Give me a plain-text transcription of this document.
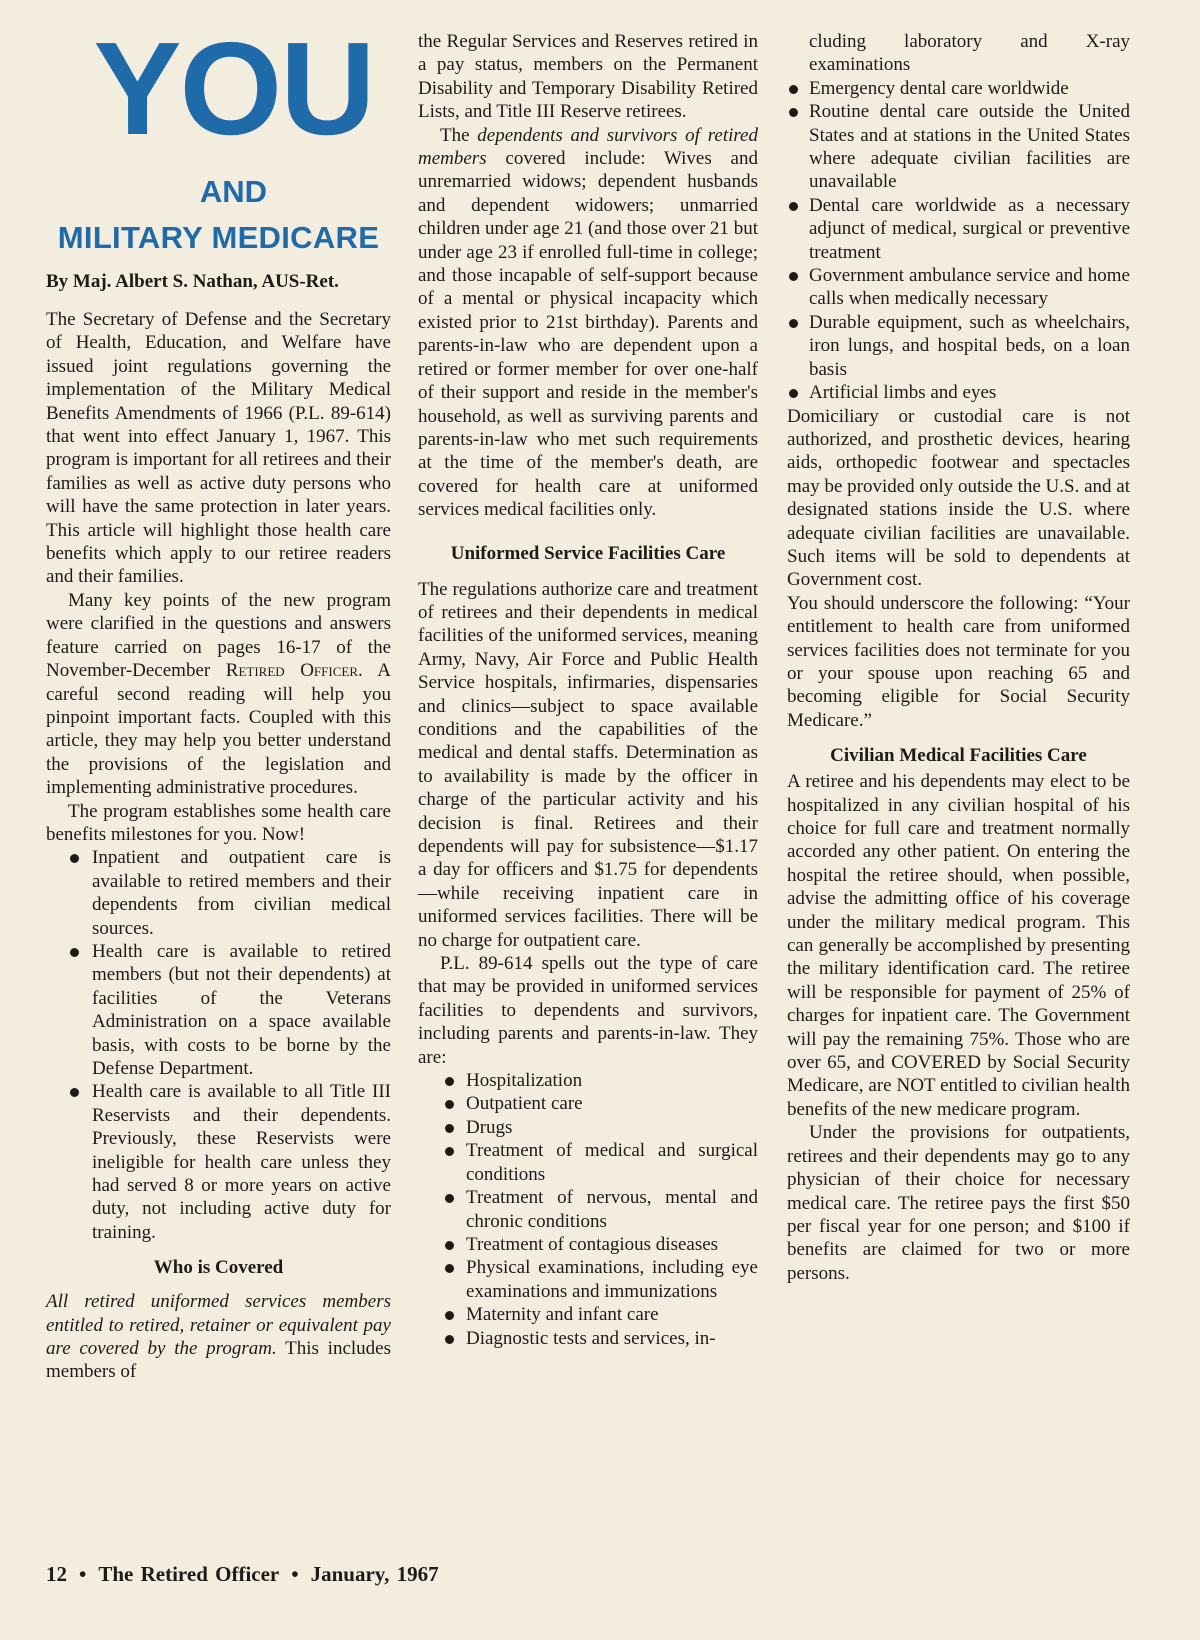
YOU
AND
MILITARY MEDICARE
By Maj. Albert S. Nathan, AUS-Ret.

The Secretary of Defense and the Secretary of Health, Education, and Welfare have issued joint regulations governing the implementation of the Military Medical Benefits Amendments of 1966 (P.L. 89-614) that went into effect January 1, 1967. This program is important for all retirees and their families as well as active duty persons who will have the same protection in later years. This article will highlight those health care benefits which apply to our retiree readers and their families.

Many key points of the new program were clarified in the questions and answers feature carried on pages 16-17 of the November-December Retired Officer. A careful second reading will help you pinpoint important facts. Coupled with this article, they may help you better understand the provisions of the legislation and implementing administrative procedures.

The program establishes some health care benefits milestones for you. Now!

Inpatient and outpatient care is available to retired members and their dependents from civilian medical sources.
Health care is available to retired members (but not their dependents) at facilities of the Veterans Administration on a space available basis, with costs to be borne by the Defense Department.
Health care is available to all Title III Reservists and their dependents. Previously, these Reservists were ineligible for health care unless they had served 8 or more years on active duty, not including active duty for training.
Who is Covered

All retired uniformed services members entitled to retired, retainer or equivalent pay are covered by the program. This includes members of

the Regular Services and Reserves retired in a pay status, members on the Permanent Disability and Temporary Disability Retired Lists, and Title III Reserve retirees.

The dependents and survivors of retired members covered include: Wives and unremarried widows; dependent husbands and dependent widowers; unmarried children under age 21 (and those over 21 but under age 23 if enrolled full-time in college; and those incapable of self-support because of a mental or physical incapacity which existed prior to 21st birthday). Parents and parents-in-law who are dependent upon a retired or former member for over one-half of their support and reside in the member's household, as well as surviving parents and parents-in-law who met such requirements at the time of the member's death, are covered for health care at uniformed services medical facilities only.

Uniformed Service Facilities Care

The regulations authorize care and treatment of retirees and their dependents in medical facilities of the uniformed services, meaning Army, Navy, Air Force and Public Health Service hospitals, infirmaries, dispensaries and clinics—subject to space available conditions and the capabilities of the medical and dental staffs. Determination as to availability is made by the officer in charge of the particular activity and his decision is final. Retirees and their dependents will pay for subsistence—$1.17 a day for officers and $1.75 for dependents —while receiving inpatient care in uniformed services facilities. There will be no charge for outpatient care.

P.L. 89-614 spells out the type of care that may be provided in uniformed services facilities to dependents and survivors, including parents and parents-in-law. They are:

Hospitalization
Outpatient care
Drugs
Treatment of medical and surgical conditions
Treatment of nervous, mental and chronic conditions
Treatment of contagious diseases
Physical examinations, including eye examinations and immunizations
Maternity and infant care
Diagnostic tests and services, in-
cluding laboratory and X-ray examinations
Emergency dental care worldwide
Routine dental care outside the United States and at stations in the United States where adequate civilian facilities are unavailable
Dental care worldwide as a necessary adjunct of medical, surgical or preventive treatment
Government ambulance service and home calls when medically necessary
Durable equipment, such as wheelchairs, iron lungs, and hospital beds, on a loan basis
Artificial limbs and eyes

Domiciliary or custodial care is not authorized, and prosthetic devices, hearing aids, orthopedic footwear and spectacles may be provided only outside the U.S. and at designated stations inside the U.S. where adequate civilian facilities are unavailable. Such items will be sold to dependents at Government cost.

You should underscore the following: “Your entitlement to health care from uniformed services facilities does not terminate for you or your spouse upon reaching 65 and becoming eligible for Social Security Medicare.”

Civilian Medical Facilities Care

A retiree and his dependents may elect to be hospitalized in any civilian hospital of his choice for full care and treatment normally accorded any other patient. On entering the hospital the retiree should, when possible, advise the admitting office of his coverage under the military medical program. This can generally be accomplished by presenting the military identification card. The retiree will be responsible for payment of 25% of charges for inpatient care. The Government will pay the remaining 75%. Those who are over 65, and COVERED by Social Security Medicare, are NOT entitled to civilian health benefits of the new medicare program.

Under the provisions for outpatients, retirees and their dependents may go to any physician of their choice for necessary medical care. The retiree pays the first $50 per fiscal year for one person; and $100 if benefits are claimed for two or more persons.

12 • The Retired Officer • January, 1967
